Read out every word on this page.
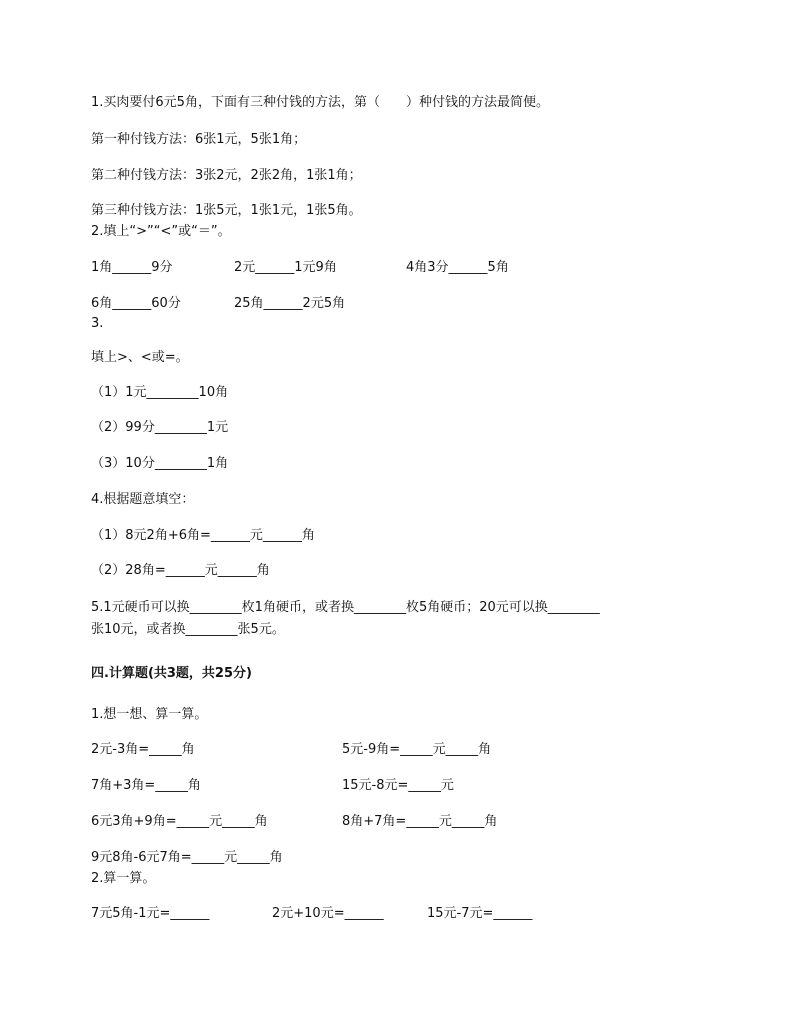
1.买肉要付6元5角，下面有三种付钱的方法，第（　　）种付钱的方法最简便。
第一种付钱方法：6张1元，5张1角；
第二种付钱方法：3张2元，2张2角，1张1角；
第三种付钱方法：1张5元，1张1元，1张5角。
2.填上“>”“<”或“＝”。
1角______9分	2元______1元9角	4角3分______5角
6角______60分	25角______2元5角
3.
填上>、<或=。
（1）1元________10角
（2）99分________1元
（3）10分________1角
4.根据题意填空：
（1）8元2角+6角=______元______角
（2）28角=______元______角
5.1元硬币可以换________枚1角硬币，或者换________枚5角硬币；20元可以换________
张10元，或者换________张5元。
四.计算题(共3题，共25分)
1.想一想、算一算。
2元-3角=_____角	5元-9角=_____元_____角
7角+3角=_____角	15元-8元=_____元
6元3角+9角=_____元_____角	8角+7角=_____元_____角
9元8角-6元7角=_____元_____角
2.算一算。
7元5角-1元=______	2元+10元=______	15元-7元=______
